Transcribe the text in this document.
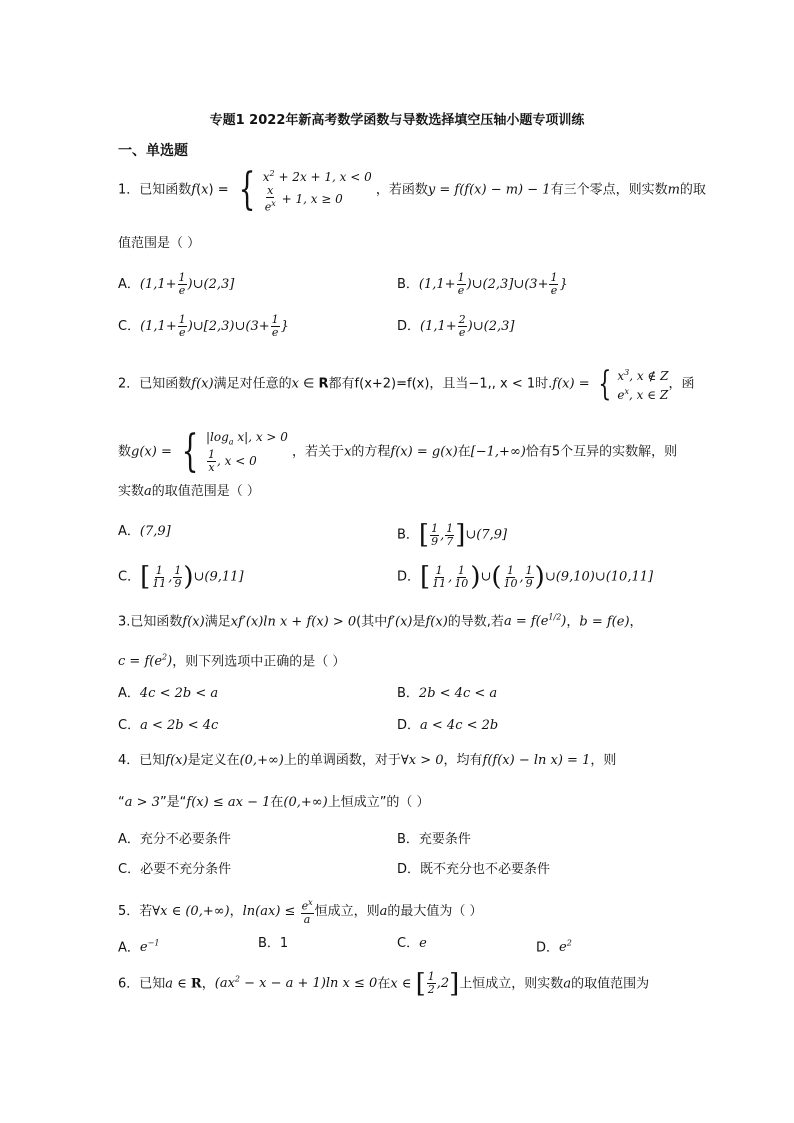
专题1 2022年新高考数学函数与导数选择填空压轴小题专项训练
一、单选题
1．已知函数f(x) = { $x^2 + 2x + 1$, x < 0
$\frac{x}{e^x} + 1$, x ≥ 0
，若函数y = f(f(x) − m) − 1有三个零点，则实数m的取
值范围是（ ）
A．($1,1+ \frac{1}{e}$ )∪(2,3]	B．($1,1+ \frac{1}{e}$ )∪(2,3]∪(3+ $\frac{1}{e}$ }
C．($1,1+ \frac{1}{e}$ )∪[2,3)∪(3+ $\frac{1}{e}$ }	D．($1,1+ \frac{2}{e}$ )∪(2,3]
2．已知函数f(x)满足对任意的x ∈ R都有f(x+2)=f(x)，且当−1,, x < 1时.f(x) = { $x^3$, x ∉ Z
$e^x$, x ∈ Z
，函
数g(x) = { $|\log_a$ x|, x > 0
$\frac{1}{x}$ , x < 0
，若关于x的方程f(x) = g(x)在[−1,+∞)恰有5个互异的实数解，则
实数a的取值范围是（ ）
A．(7,9]	B．[ $\frac{1}{9}$ , $\frac{1}{7}$ ]∪(7,9]
C．[ $\frac{1}{11}$ , $\frac{1}{9}$ )∪(9,11]	D．[ $\frac{1}{11}$ , $\frac{1}{10}$ )∪( $\frac{1}{10}$ , $\frac{1}{9}$ )∪(9,10)∪(10,11]
3.已知函数f(x)满足xf′(x)ln x + f(x) > 0(其中f′(x)是f(x)的导数,若$a = f(e^{1/2})$，b = f(e)，
$c = f(e^2)$，则下列选项中正确的是（ ）
A．4c < 2b < a	B．2b < 4c < a
C．a < 2b < 4c	D．a < 4c < 2b
4．已知f(x)是定义在(0,+∞)上的单调函数，对于∀x > 0，均有f(f(x) − ln x) = 1，则
“a > 3”是“f(x) ≤ ax − 1在(0,+∞)上恒成立”的（ ）
A．充分不必要条件	B．充要条件
C．必要不充分条件	D．既不充分也不必要条件
5．若∀x ∈ (0,+∞)，$\ln(ax) \le \frac{e^x}{a}$ 恒成立，则a的最大值为（ ）
A．$e^{-1}$	B．1	C．e	D．$e^2$
6．已知a ∈ R，$(ax^2 - x - a + 1)\ln$ x ≤ 0在x ∈ [ $\frac{1}{2} ,2$]上恒成立，则实数a的取值范围为
